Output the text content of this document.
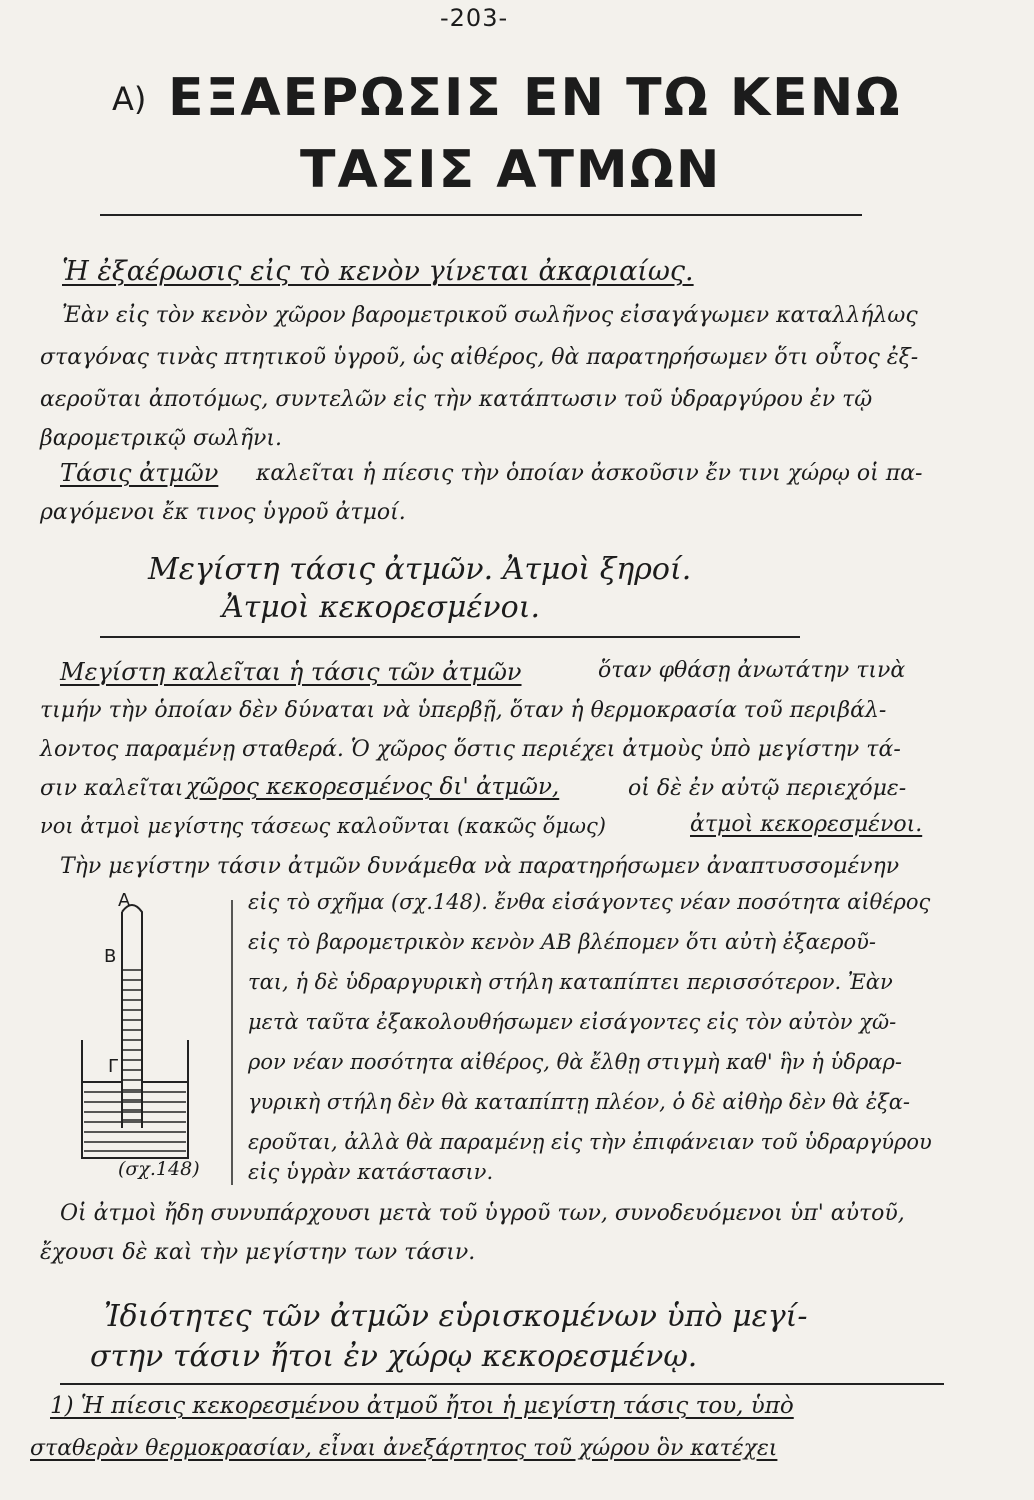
-203-
A) ΕΞΑΕΡΩΣΙΣ ΕΝ ΤΩ ΚΕΝΩ
ΤΑΣΙΣ ΑΤΜΩΝ
Ἡ ἐξαέρωσις εἰς τὸ κενὸν γίνεται ἀκαριαίως.
Ἐὰν εἰς τὸν κενὸν χῶρον βαρομετρικοῦ σωλῆνος εἰσαγάγωμεν καταλλήλως
σταγόνας τινὰς πτητικοῦ ὑγροῦ, ὡς αἰθέρος, θὰ παρατηρήσωμεν ὅτι οὗτος ἐξ-
αεροῦται ἀποτόμως, συντελῶν εἰς τὴν κατάπτωσιν τοῦ ὑδραργύρου ἐν τῷ
βαρομετρικῷ σωλῆνι.
Τάσις ἀτμῶν καλεῖται ἡ πίεσις τὴν ὁποίαν ἀσκοῦσιν ἔν τινι χώρῳ οἱ πα-
ραγόμενοι ἔκ τινος ὑγροῦ ἀτμοί.
Μεγίστη τάσις ἀτμῶν. Ἀτμοὶ ξηροί.
Ἀτμοὶ κεκορεσμένοι.
Μεγίστη καλεῖται ἡ τάσις τῶν ἀτμῶν	ὅταν φθάσῃ ἀνωτάτην τινὰ
τιμήν τὴν ὁποίαν δὲν δύναται νὰ ὑπερβῇ, ὅταν ἡ θερμοκρασία τοῦ περιβάλ-
λοντος παραμένῃ σταθερά. Ὁ χῶρος ὅστις περιέχει ἀτμοὺς ὑπὸ μεγίστην τά-
σιν καλεῖται χῶρος κεκορεσμένος δι' ἀτμῶν,	οἱ δὲ ἐν αὐτῷ περιεχόμε-
νοι ἀτμοὶ μεγίστης τάσεως καλοῦνται (κακῶς ὅμως)	ἀτμοὶ κεκορεσμένοι.
Τὴν μεγίστην τάσιν ἀτμῶν δυνάμεθα νὰ παρατηρήσωμεν ἀναπτυσσομένην
Α
Β
Γ
(σχ.148)
εἰς τὸ σχῆμα (σχ.148). ἔνθα εἰσάγοντες νέαν ποσότητα αἰθέρος
εἰς τὸ βαρομετρικὸν κενὸν ΑΒ βλέπομεν ὅτι αὐτὴ ἐξαεροῦ-
ται, ἡ δὲ ὑδραργυρικὴ στήλη καταπίπτει περισσότερον. Ἐὰν
μετὰ ταῦτα ἐξακολουθήσωμεν εἰσάγοντες εἰς τὸν αὐτὸν χῶ-
ρον νέαν ποσότητα αἰθέρος, θὰ ἔλθῃ στιγμὴ καθ' ἣν ἡ ὑδραρ-
γυρικὴ στήλη δὲν θὰ καταπίπτῃ πλέον, ὁ δὲ αἰθὴρ δὲν θὰ ἐξα-
εροῦται, ἀλλὰ θὰ παραμένῃ εἰς τὴν ἐπιφάνειαν τοῦ ὑδραργύρου
εἰς ὑγρὰν κατάστασιν.
Οἱ ἀτμοὶ ἤδη συνυπάρχουσι μετὰ τοῦ ὑγροῦ των, συνοδευόμενοι ὑπ' αὐτοῦ,
ἔχουσι δὲ καὶ τὴν μεγίστην των τάσιν.
Ἰδιότητες τῶν ἀτμῶν εὑρισκομένων ὑπὸ μεγί-
στην τάσιν ἤτοι ἐν χώρῳ κεκορεσμένῳ.
1) Ἡ πίεσις κεκορεσμένου ἀτμοῦ ἤτοι ἡ μεγίστη τάσις του, ὑπὸ
σταθερὰν θερμοκρασίαν, εἶναι ἀνεξάρτητος τοῦ χώρου ὃν κατέχει
